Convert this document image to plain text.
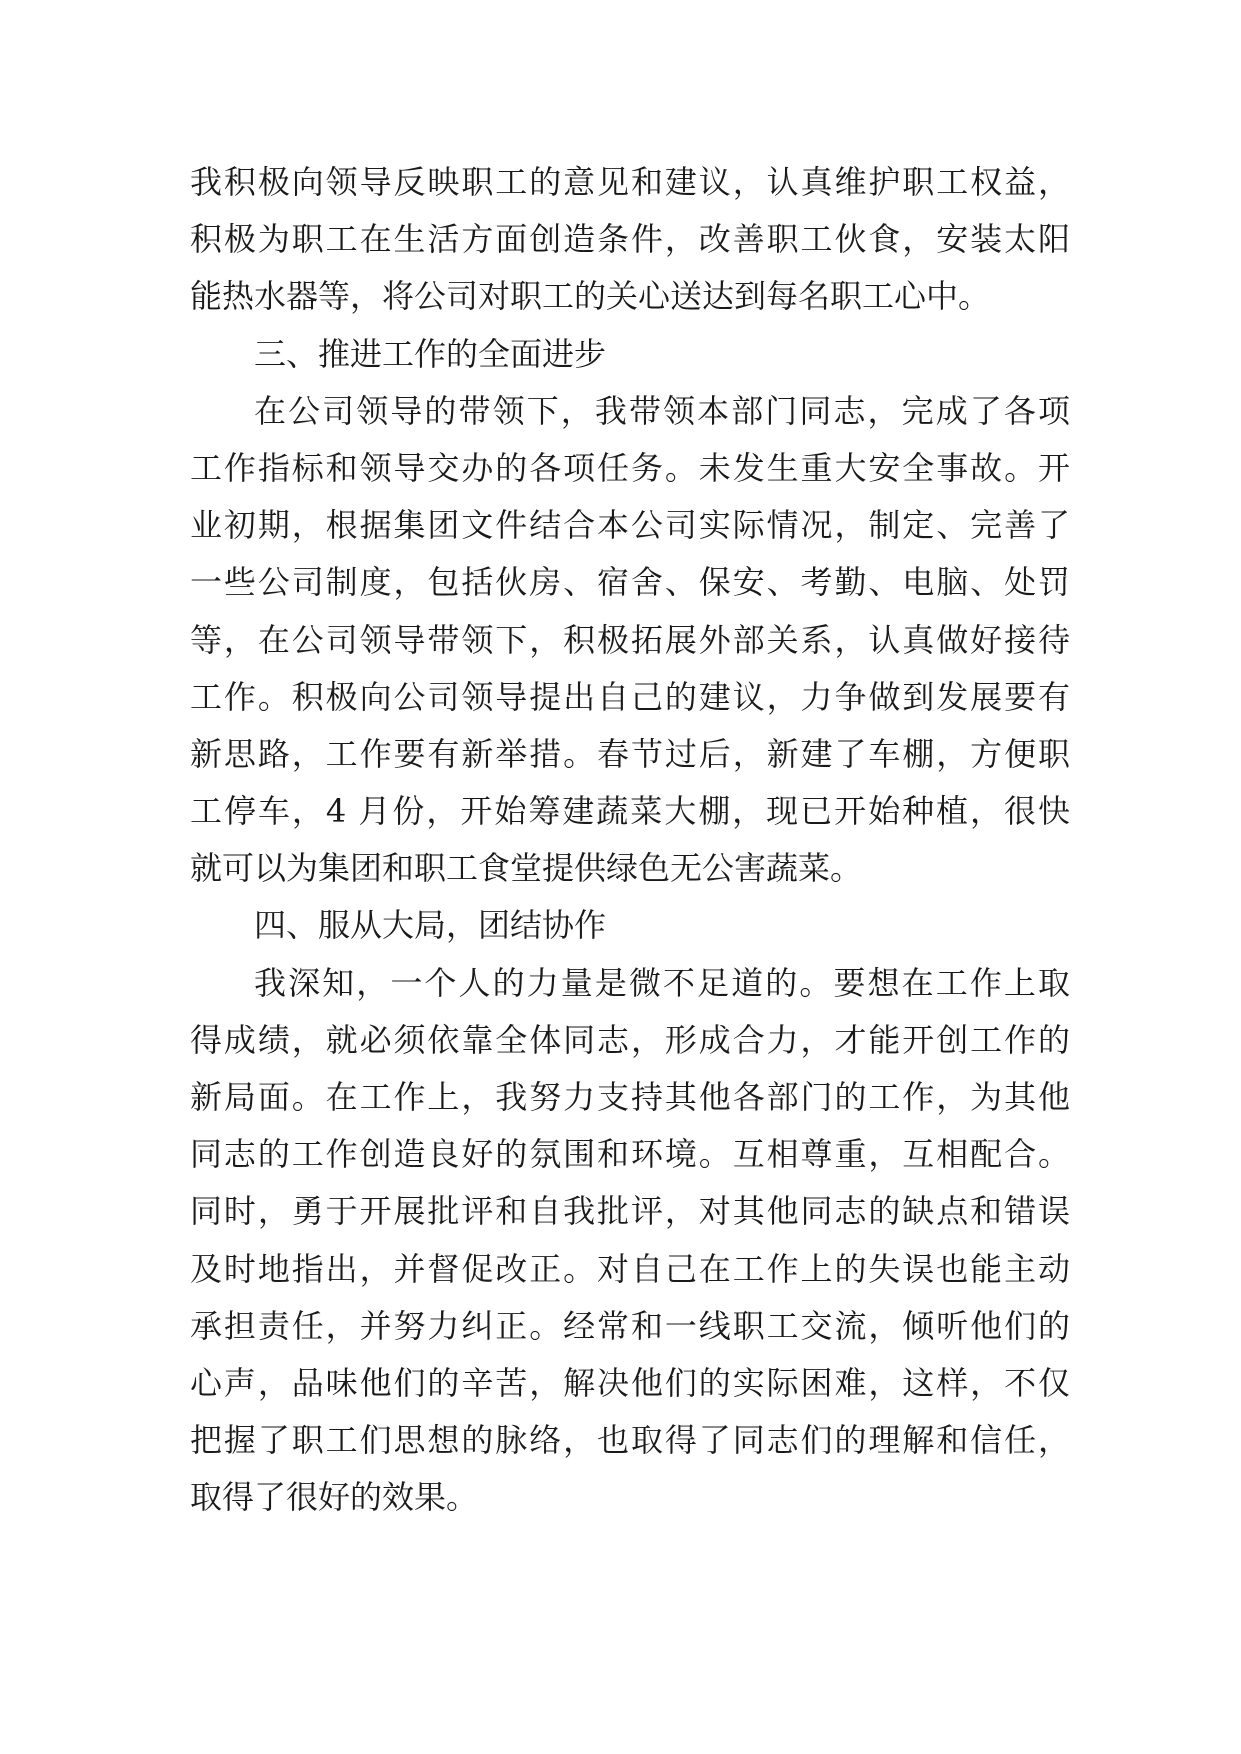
我积极向领导反映职工的意见和建议，认真维护职工权益，
积极为职工在生活方面创造条件，改善职工伙食，安装太阳
能热水器等，将公司对职工的关心送达到每名职工心中。
三、推进工作的全面进步
在公司领导的带领下，我带领本部门同志，完成了各项
工作指标和领导交办的各项任务。未发生重大安全事故。开
业初期，根据集团文件结合本公司实际情况，制定、完善了
一些公司制度，包括伙房、宿舍、保安、考勤、电脑、处罚
等，在公司领导带领下，积极拓展外部关系，认真做好接待
工作。积极向公司领导提出自己的建议，力争做到发展要有
新思路，工作要有新举措。春节过后，新建了车棚，方便职
工停车，4 月份，开始筹建蔬菜大棚，现已开始种植，很快
就可以为集团和职工食堂提供绿色无公害蔬菜。
四、服从大局，团结协作
我深知，一个人的力量是微不足道的。要想在工作上取
得成绩，就必须依靠全体同志，形成合力，才能开创工作的
新局面。在工作上，我努力支持其他各部门的工作，为其他
同志的工作创造良好的氛围和环境。互相尊重，互相配合。
同时，勇于开展批评和自我批评，对其他同志的缺点和错误
及时地指出，并督促改正。对自己在工作上的失误也能主动
承担责任，并努力纠正。经常和一线职工交流，倾听他们的
心声，品味他们的辛苦，解决他们的实际困难，这样，不仅
把握了职工们思想的脉络，也取得了同志们的理解和信任，
取得了很好的效果。
